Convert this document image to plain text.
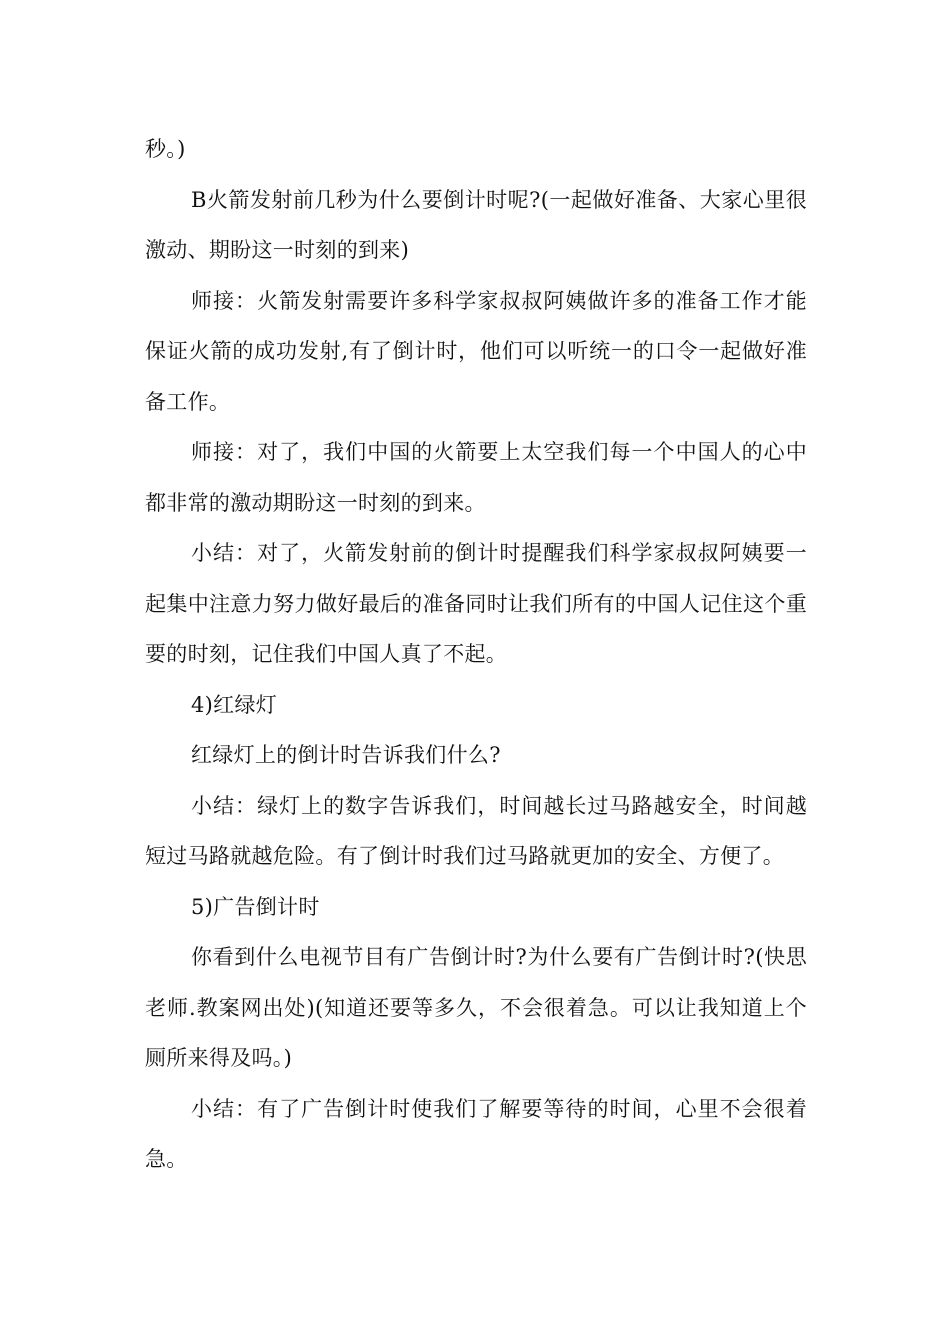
秒。)

B火箭发射前几秒为什么要倒计时呢?(一起做好准备、大家心里很激动、期盼这一时刻的到来)

师接：火箭发射需要许多科学家叔叔阿姨做许多的准备工作才能保证火箭的成功发射,有了倒计时，他们可以听统一的口令一起做好准备工作。

师接：对了，我们中国的火箭要上太空我们每一个中国人的心中都非常的激动期盼这一时刻的到来。

小结：对了，火箭发射前的倒计时提醒我们科学家叔叔阿姨要一起集中注意力努力做好最后的准备同时让我们所有的中国人记住这个重要的时刻，记住我们中国人真了不起。

4)红绿灯

红绿灯上的倒计时告诉我们什么?

小结：绿灯上的数字告诉我们，时间越长过马路越安全，时间越短过马路就越危险。有了倒计时我们过马路就更加的安全、方便了。

5)广告倒计时

你看到什么电视节目有广告倒计时?为什么要有广告倒计时?(快思老师.教案网出处)(知道还要等多久，不会很着急。可以让我知道上个厕所来得及吗。)

小结：有了广告倒计时使我们了解要等待的时间，心里不会很着急。
